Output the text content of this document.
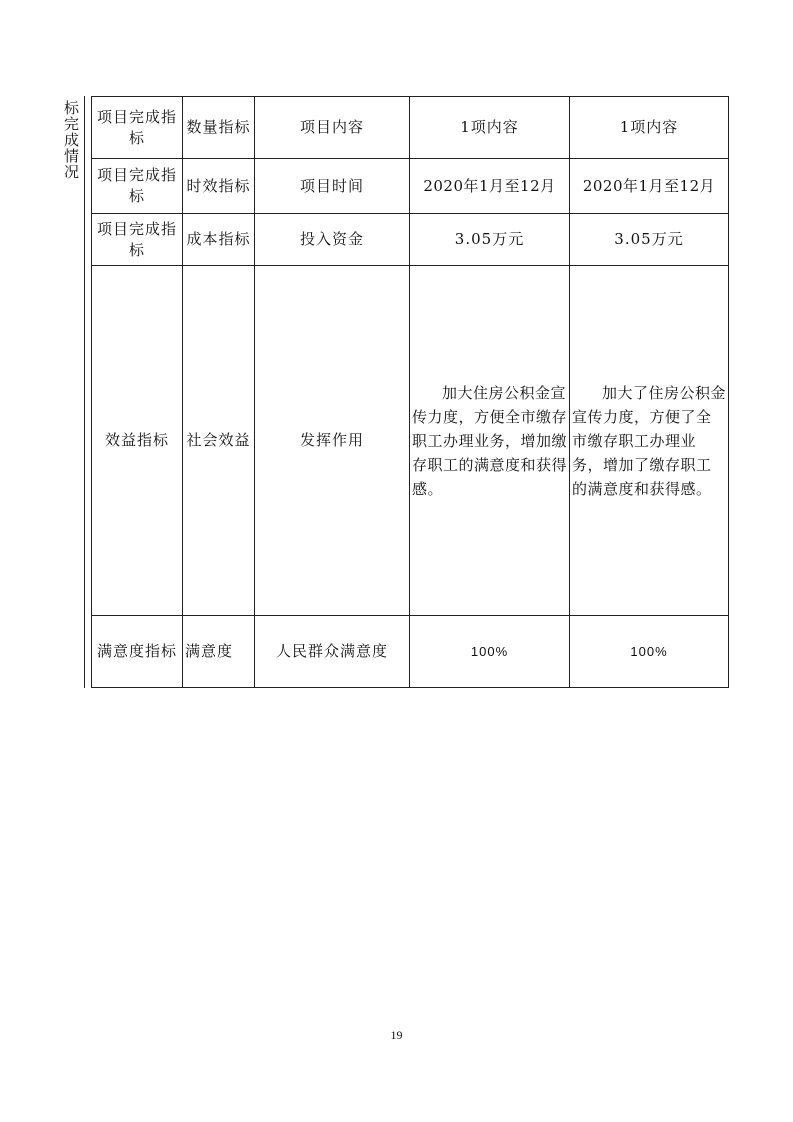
标完成情况 项目完成指标	数量指标	项目内容	1项内容	1项内容
项目完成指标	时效指标	项目时间	2020年1月至12月	2020年1月至12月
项目完成指标	成本指标	投入资金	3.05万元	3.05万元
效益指标	社会效益	发挥作用	加大住房公积金宣传力度，方便全市缴存职工办理业务，增加缴存职工的满意度和获得感。	加大了住房公积金宣传力度，方便了全市缴存职工办理业务，增加了缴存职工的满意度和获得感。
满意度指标	满意度	人民群众满意度	100%	100%
19
